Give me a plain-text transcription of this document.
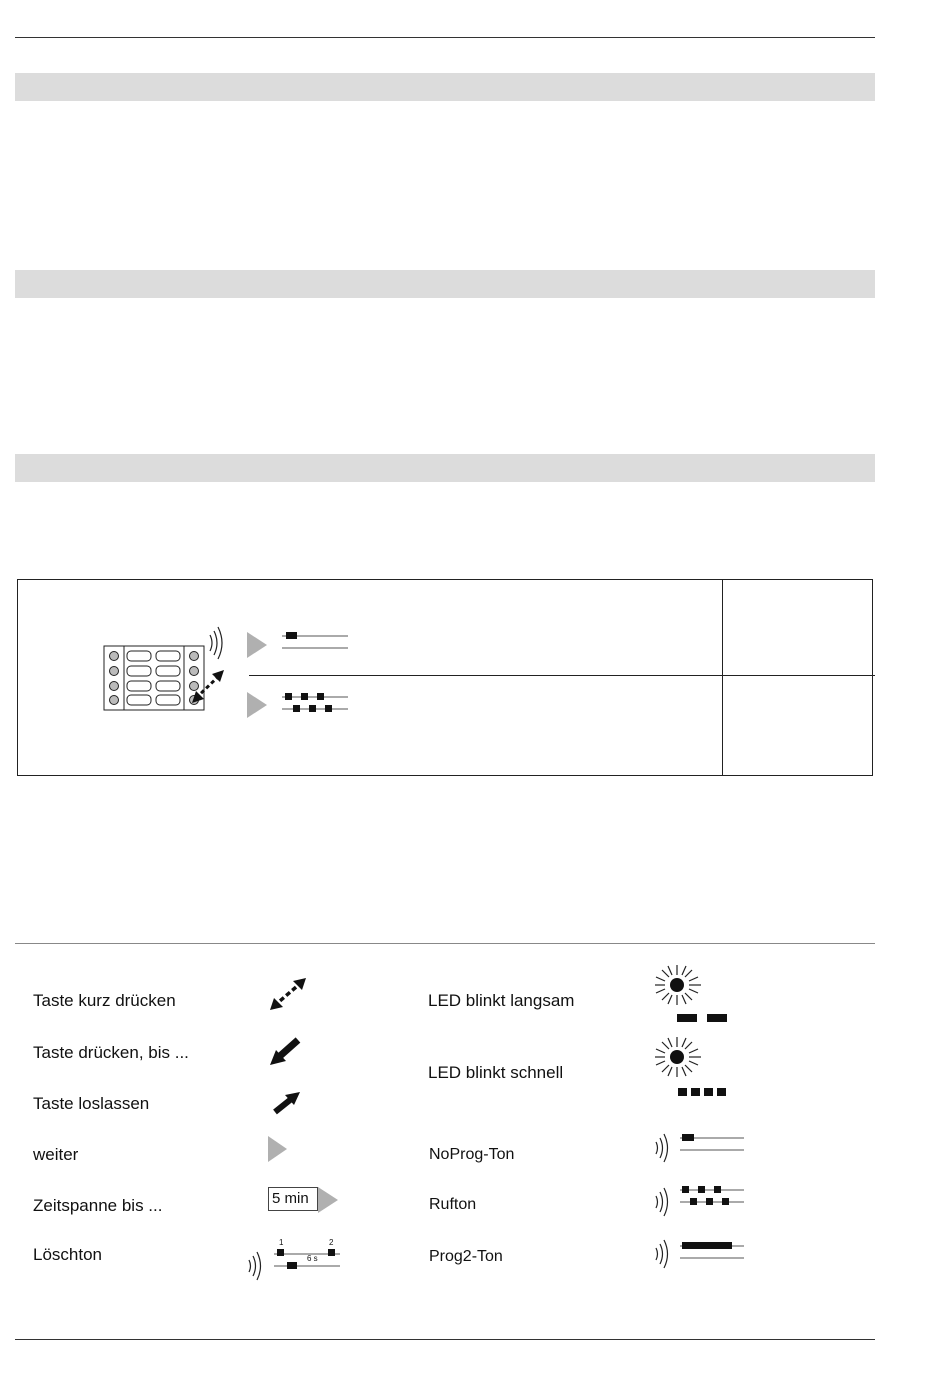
Taste kurz drücken
Taste drücken, bis ...
Taste loslassen
weiter
Zeitspanne bis ...	5 min
Löschton
1
6 s
2
LED blinkt langsam
LED blinkt schnell
NoProg-Ton
Rufton
Prog2-Ton
